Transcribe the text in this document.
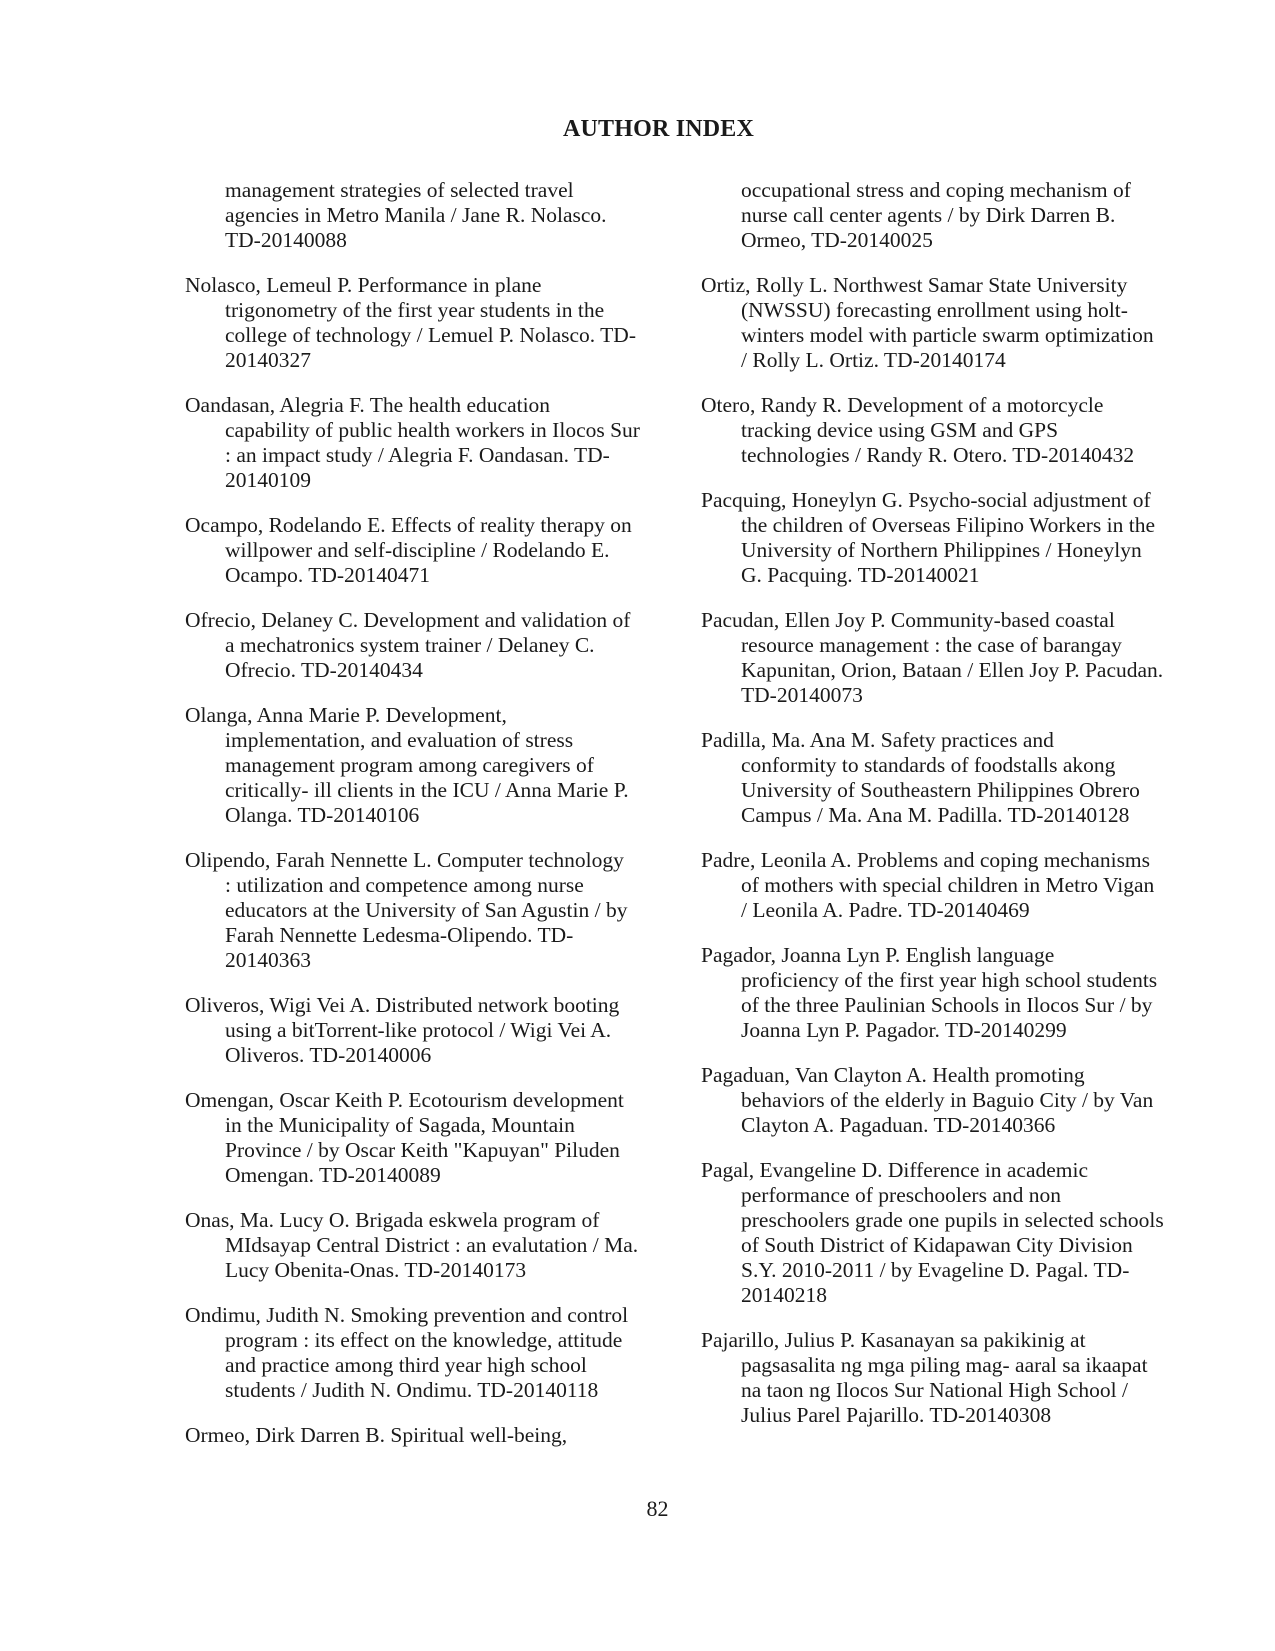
AUTHOR INDEX

management strategies of selected travel
agencies in Metro Manila / Jane R. Nolasco.
TD-20140088

Nolasco, Lemeul P. Performance in plane
trigonometry of the first year students in the
college of technology / Lemuel P. Nolasco. TD-
20140327

Oandasan, Alegria F. The health education
capability of public health workers in Ilocos Sur
: an impact study / Alegria F. Oandasan. TD-
20140109

Ocampo, Rodelando E. Effects of reality therapy on
willpower and self-discipline / Rodelando E.
Ocampo. TD-20140471

Ofrecio, Delaney C. Development and validation of
a mechatronics system trainer / Delaney C.
Ofrecio. TD-20140434

Olanga, Anna Marie P. Development,
implementation, and evaluation of stress
management program among caregivers of
critically- ill clients in the ICU / Anna Marie P.
Olanga. TD-20140106

Olipendo, Farah Nennette L. Computer technology
: utilization and competence among nurse
educators at the University of San Agustin / by
Farah Nennette Ledesma-Olipendo. TD-
20140363

Oliveros, Wigi Vei A. Distributed network booting
using a bitTorrent-like protocol / Wigi Vei A.
Oliveros. TD-20140006

Omengan, Oscar Keith P. Ecotourism development
in the Municipality of Sagada, Mountain
Province / by Oscar Keith "Kapuyan" Piluden
Omengan. TD-20140089

Onas, Ma. Lucy O. Brigada eskwela program of
MIdsayap Central District : an evalutation / Ma.
Lucy Obenita-Onas. TD-20140173

Ondimu, Judith N. Smoking prevention and control
program : its effect on the knowledge, attitude
and practice among third year high school
students / Judith N. Ondimu. TD-20140118

Ormeo, Dirk Darren B. Spiritual well-being,

occupational stress and coping mechanism of
nurse call center agents / by Dirk Darren B.
Ormeo, TD-20140025

Ortiz, Rolly L. Northwest Samar State University
(NWSSU) forecasting enrollment using holt-
winters model with particle swarm optimization
/ Rolly L. Ortiz. TD-20140174

Otero, Randy R. Development of a motorcycle
tracking device using GSM and GPS
technologies / Randy R. Otero. TD-20140432

Pacquing, Honeylyn G. Psycho-social adjustment of
the children of Overseas Filipino Workers in the
University of Northern Philippines / Honeylyn
G. Pacquing. TD-20140021

Pacudan, Ellen Joy P. Community-based coastal
resource management : the case of barangay
Kapunitan, Orion, Bataan / Ellen Joy P. Pacudan.
TD-20140073

Padilla, Ma. Ana M. Safety practices and
conformity to standards of foodstalls akong
University of Southeastern Philippines Obrero
Campus / Ma. Ana M. Padilla. TD-20140128

Padre, Leonila A. Problems and coping mechanisms
of mothers with special children in Metro Vigan
/ Leonila A. Padre. TD-20140469

Pagador, Joanna Lyn P. English language
proficiency of the first year high school students
of the three Paulinian Schools in Ilocos Sur / by
Joanna Lyn P. Pagador. TD-20140299

Pagaduan, Van Clayton A. Health promoting
behaviors of the elderly in Baguio City / by Van
Clayton A. Pagaduan. TD-20140366

Pagal, Evangeline D. Difference in academic
performance of preschoolers and non
preschoolers grade one pupils in selected schools
of South District of Kidapawan City Division
S.Y. 2010-2011 / by Evageline D. Pagal. TD-
20140218

Pajarillo, Julius P. Kasanayan sa pakikinig at
pagsasalita ng mga piling mag- aaral sa ikaapat
na taon ng Ilocos Sur National High School /
Julius Parel Pajarillo. TD-20140308

82
